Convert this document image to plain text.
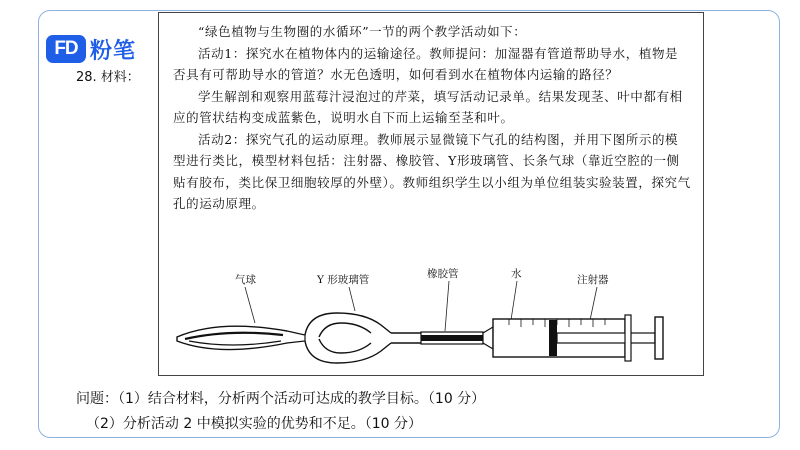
FD 粉笔
28. 材料：

“绿色植物与生物圈的水循环”一节的两个教学活动如下：

活动1：探究水在植物体内的运输途径。教师提问：加湿器有管道帮助导水，植物是否具有可帮助导水的管道？水无色透明，如何看到水在植物体内运输的路径？

学生解剖和观察用蓝莓汁浸泡过的芹菜，填写活动记录单。结果发现茎、叶中都有相应的管状结构变成蓝紫色，说明水自下而上运输至茎和叶。

活动2：探究气孔的运动原理。教师展示显微镜下气孔的结构图，并用下图所示的模型进行类比，模型材料包括：注射器、橡胶管、Y形玻璃管、长条气球（靠近空腔的一侧贴有胶布，类比保卫细胞较厚的外壁）。教师组织学生以小组为单位组装实验装置，探究气孔的运动原理。

气球	Y 形玻璃管	橡胶管	水	注射器
问题：（1）结合材料，分析两个活动可达成的教学目标。（10 分）
（2）分析活动 2 中模拟实验的优势和不足。（10 分）
